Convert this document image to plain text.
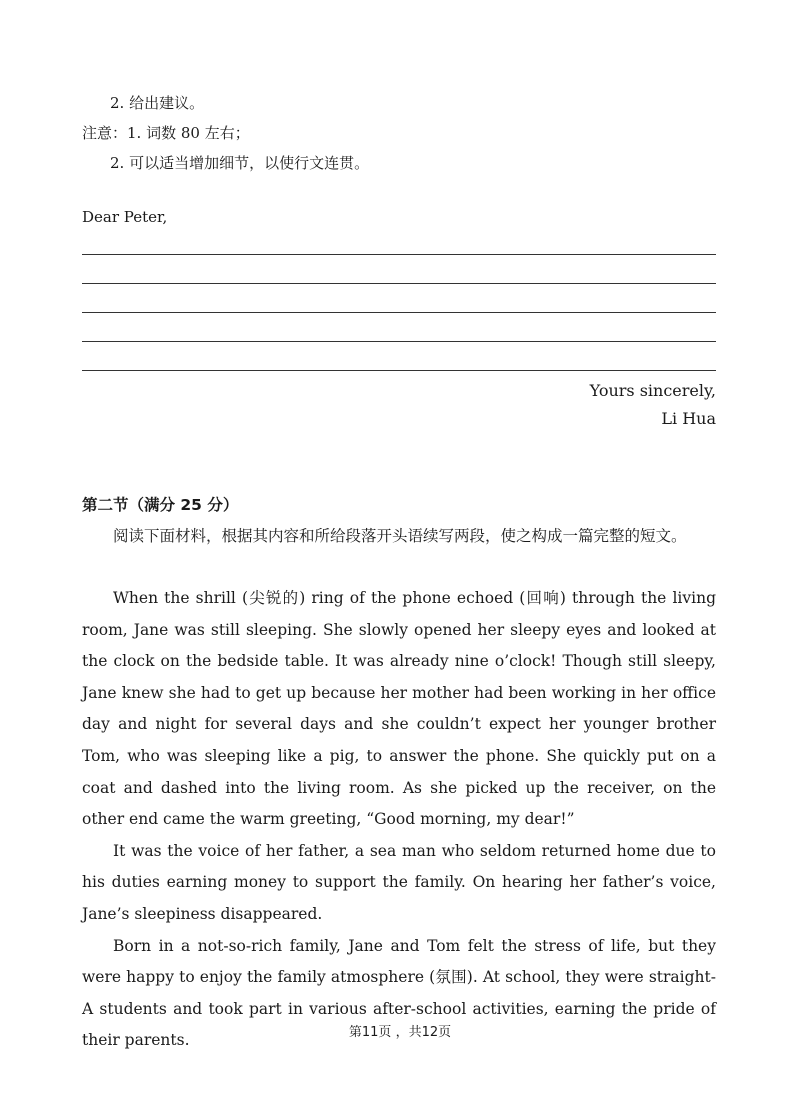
2. 给出建议。
注意：1. 词数 80 左右；
2. 可以适当增加细节，以使行文连贯。
Dear Peter,
Yours sincerely,
Li Hua
第二节（满分 25 分）

阅读下面材料，根据其内容和所给段落开头语续写两段，使之构成一篇完整的短文。

When the shrill (尖锐的) ring of the phone echoed (回响) through the living room, Jane was still sleeping. She slowly opened her sleepy eyes and looked at the clock on the bedside table. It was already nine o’clock! Though still sleepy, Jane knew she had to get up because her mother had been working in her office day and night for several days and she couldn’t expect her younger brother Tom, who was sleeping like a pig, to answer the phone. She quickly put on a coat and dashed into the living room. As she picked up the receiver, on the other end came the warm greeting, “Good morning, my dear!”

It was the voice of her father, a sea man who seldom returned home due to his duties earning money to support the family. On hearing her father’s voice, Jane’s sleepiness disappeared.

Born in a not-so-rich family, Jane and Tom felt the stress of life, but they were happy to enjoy the family atmosphere (氛围). At school, they were straight-A students and took part in various after-school activities, earning the pride of their parents.	第11页 ，共12页
